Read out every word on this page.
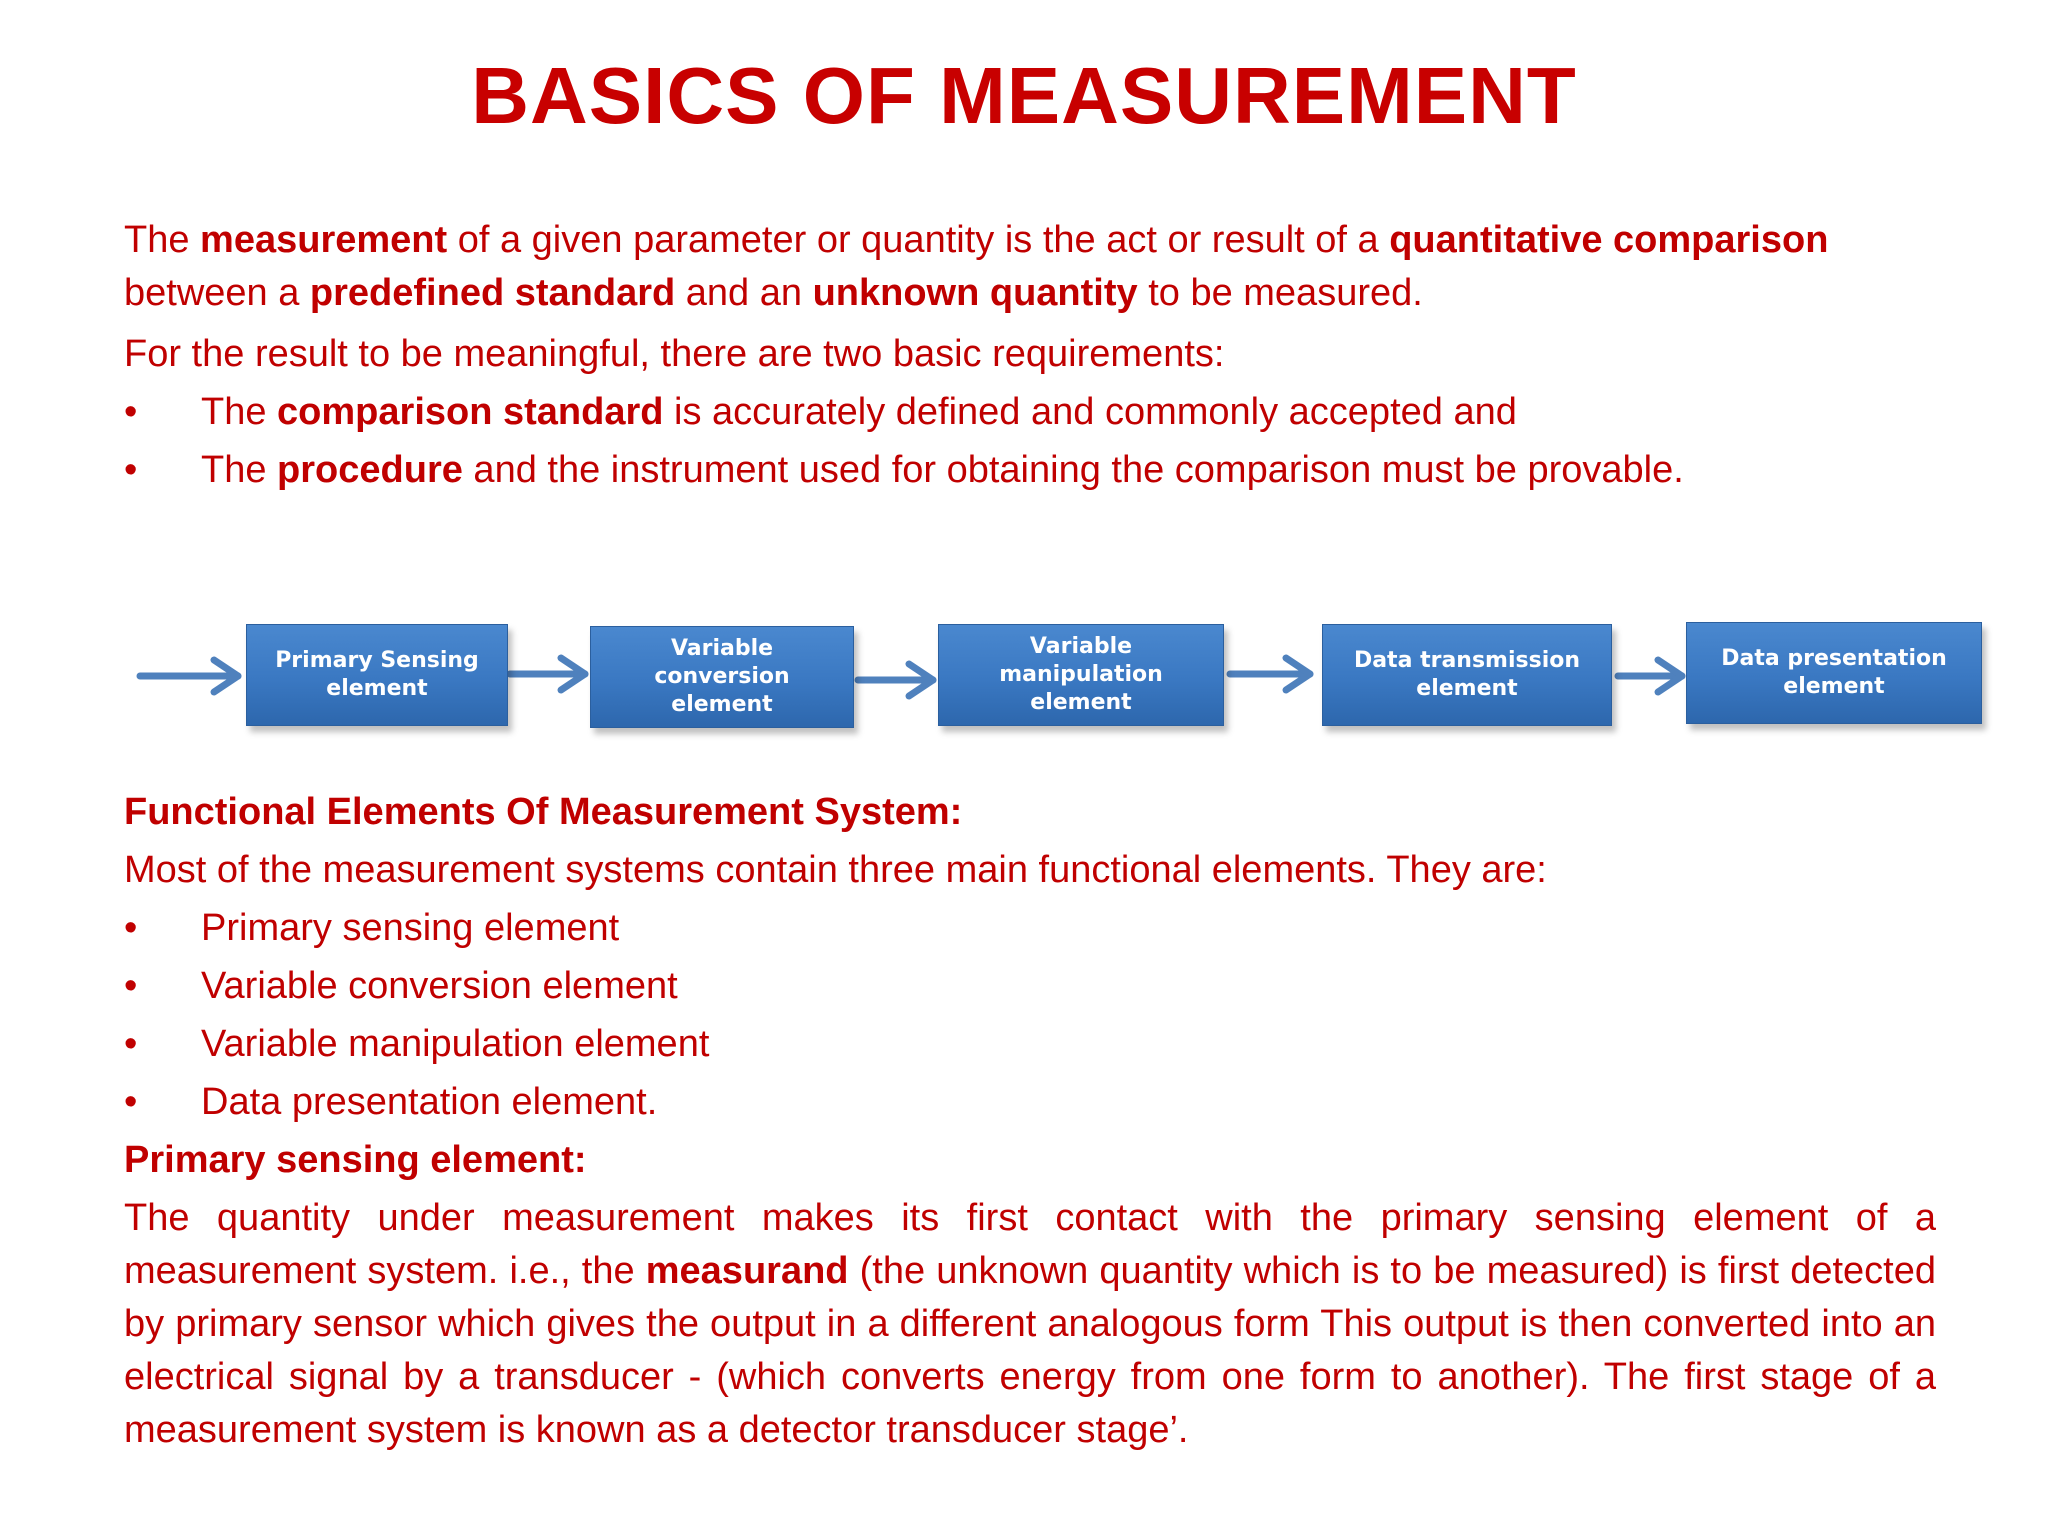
BASICS OF MEASUREMENT

The measurement of a given parameter or quantity is the act or result of a quantitative comparison between a predefined standard and an unknown quantity to be measured.

For the result to be meaningful, there are two basic requirements:

• The comparison standard is accurately defined and commonly accepted and
• The procedure and the instrument used for obtaining the comparison must be provable.
Primary Sensing
element
Variable
conversion
element
Variable
manipulation
element
Data transmission
element
Data presentation
element
Functional Elements Of Measurement System:

Most of the measurement systems contain three main functional elements. They are:

• Primary sensing element
• Variable conversion element
• Variable manipulation element
• Data presentation element.
Primary sensing element:

The quantity under measurement makes its first contact with the primary sensing element of a measurement system. i.e., the measurand (the unknown quantity which is to be measured) is first detected by primary sensor which gives the output in a different analogous form This output is then converted into an electrical signal by a transducer - (which converts energy from one form to another). The first stage of a measurement system is known as a detector transducer stage’.
